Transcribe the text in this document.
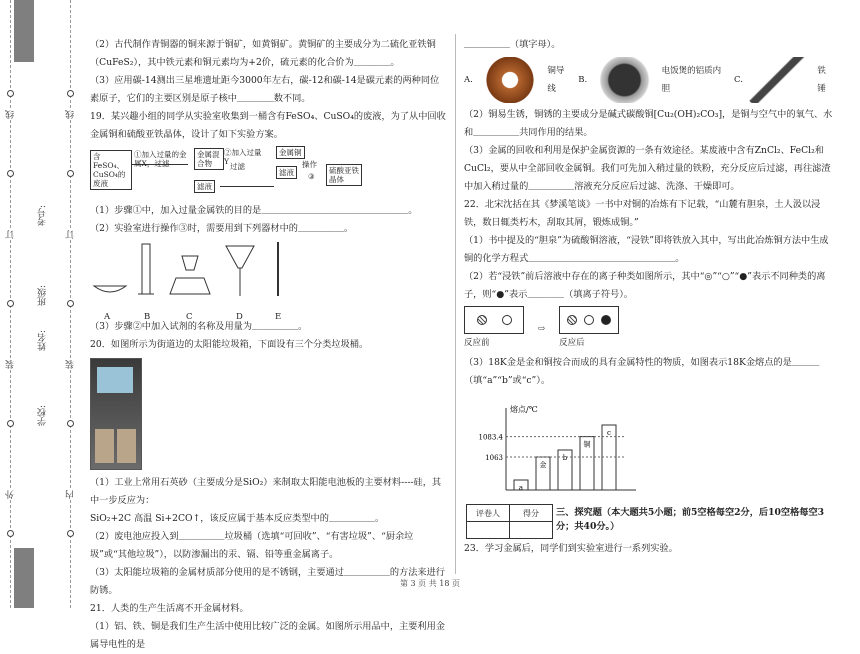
线
订
装
外
线
订
装
内
学校:
姓名:
班级:
考号:

（2）古代制作青铜器的铜来源于铜矿，如黄铜矿。黄铜矿的主要成分为二硫化亚铁铜（CuFeS₂），其中铁元素和铜元素均为+2价，硫元素的化合价为＿＿＿＿。

（3）应用碳-14测出三星堆遗址距今3000年左右，碳-12和碳-14是碳元素的两种同位素原子，它们的主要区别是原子核中＿＿＿＿数不同。

19．某兴趣小组的同学从实验室收集到一桶含有FeSO₄、CuSO₄的废液，为了从中回收金属铜和硫酸亚铁晶体，设计了如下实验方案。

含FeSO₄、CuSO₄的废液
①加入过量的金属X，过滤
金属混合物
②加入过量Y
过滤
金属铜
滤液
操作
③
硫酸亚铁晶体
滤液

（1）步骤①中，加入过量金属铁的目的是＿＿＿＿＿＿＿＿＿＿＿＿＿＿＿＿。

（2）实验室进行操作③时，需要用到下列器材中的＿＿＿＿＿。

A	B	C	D	E

（3）步骤②中加入试剂的名称及用量为＿＿＿＿＿。

20．如图所示为街道边的太阳能垃圾箱，下面设有三个分类垃圾桶。

（1）工业上常用石英砂（主要成分是SiO₂）来制取太阳能电池板的主要材料----硅，其中一步反应为：

SiO₂+2C 高温 Si+2CO↑，该反应属于基本反应类型中的＿＿＿＿＿。

（2）废电池应投入到＿＿＿＿＿垃圾桶（选填“可回收”、“有害垃圾”、“厨余垃圾”或“其他垃圾”），以防渗漏出的汞、镉、铅等重金属离子。

（3）太阳能垃圾箱的金属材质部分使用的是不锈钢，主要通过＿＿＿＿＿的方法来进行防锈。

21．人类的生产生活离不开金属材料。

（1）铝、铁、铜是我们生产生活中使用比较广泛的金属。如图所示用品中，主要利用金属导电性的是

＿＿＿＿＿（填字母）。

A.
铜导线
B.
电饭煲的铝质内胆
C.
铁锤

（2）铜易生锈，铜锈的主要成分是碱式碳酸铜[Cu₂(OH)₂CO₃]，是铜与空气中的氧气、水和＿＿＿＿＿共同作用的结果。

（3）金属的回收和利用是保护金属资源的一条有效途径。某废液中含有ZnCl₂、FeCl₂和CuCl₂，要从中全部回收金属铜。我们可先加入稍过量的铁粉，充分反应后过滤，再往滤渣中加入稍过量的＿＿＿＿＿溶液充分反应后过滤、洗涤、干燥即可。

22．北宋沈括在其《梦溪笔谈》一书中对铜的冶炼有下记载，“山麓有胆泉，土人汲以浸铁，数日辄类朽木，刮取其屑，锻炼成铜。”

（1）书中提及的“胆泉”为硫酸铜溶液，“浸铁”即将铁放入其中，写出此冶炼铜方法中生成铜的化学方程式＿＿＿＿＿＿＿＿＿＿＿＿＿＿＿＿。

（2）若“浸铁”前后溶液中存在的离子种类如图所示，其中“◎”“○”“●”表示不同种类的离子，则“●”表示＿＿＿＿（填离子符号）。

反应前
⇨
反应后

（3）18K金是金和铜按合而成的具有金属特性的物质，如图表示18K金熔点的是＿＿＿（填“a”“b”或“c”）。

熔点/℃
a
金
b
铜
c
1083.4
1063
评卷人	得分
	三、探究题（本大题共5小题；前5空格每空2分，后10空格每空3分；共40分。）
23．学习金属后，同学们到实验室进行一系列实验。
第 3 页 共 18 页
